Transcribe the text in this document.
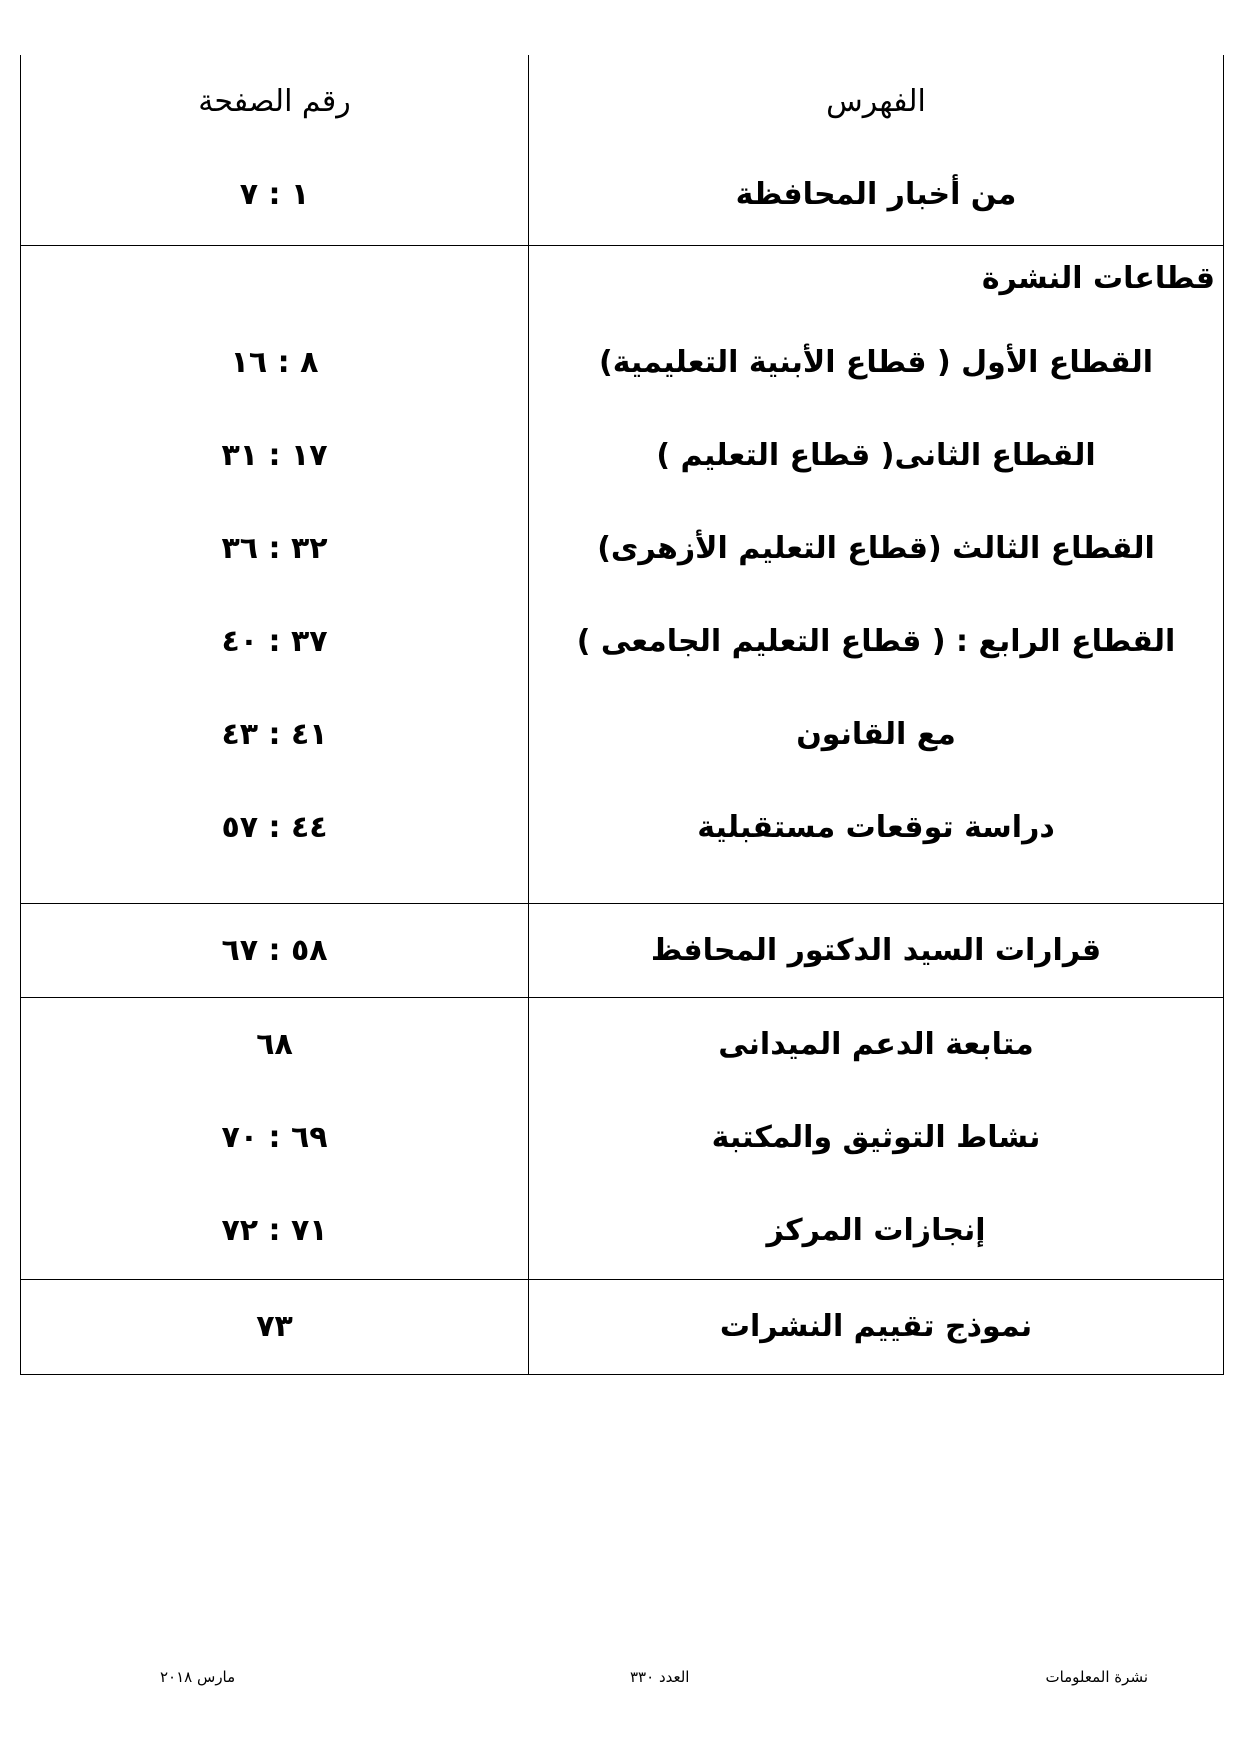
الفهرس
رقم الصفحة
من أخبار المحافظة
١ : ٧
قطاعات النشرة
القطاع الأول ( قطاع الأبنية التعليمية)
٨ : ١٦
القطاع الثانى( قطاع التعليم )
١٧ : ٣١
القطاع الثالث (قطاع التعليم الأزهرى)
٣٢ : ٣٦
القطاع الرابع : ( قطاع التعليم الجامعى )
٣٧ : ٤٠
مع القانون
٤١ : ٤٣
دراسة توقعات مستقبلية
٤٤ : ٥٧
قرارات السيد الدكتور المحافظ
٥٨ : ٦٧
متابعة الدعم الميدانى
٦٨
نشاط التوثيق والمكتبة
٦٩ : ٧٠
إنجازات المركز
٧١ : ٧٢
نموذج تقييم النشرات
٧٣
نشرة المعلومات
العدد ٣٣٠
مارس ٢٠١٨
